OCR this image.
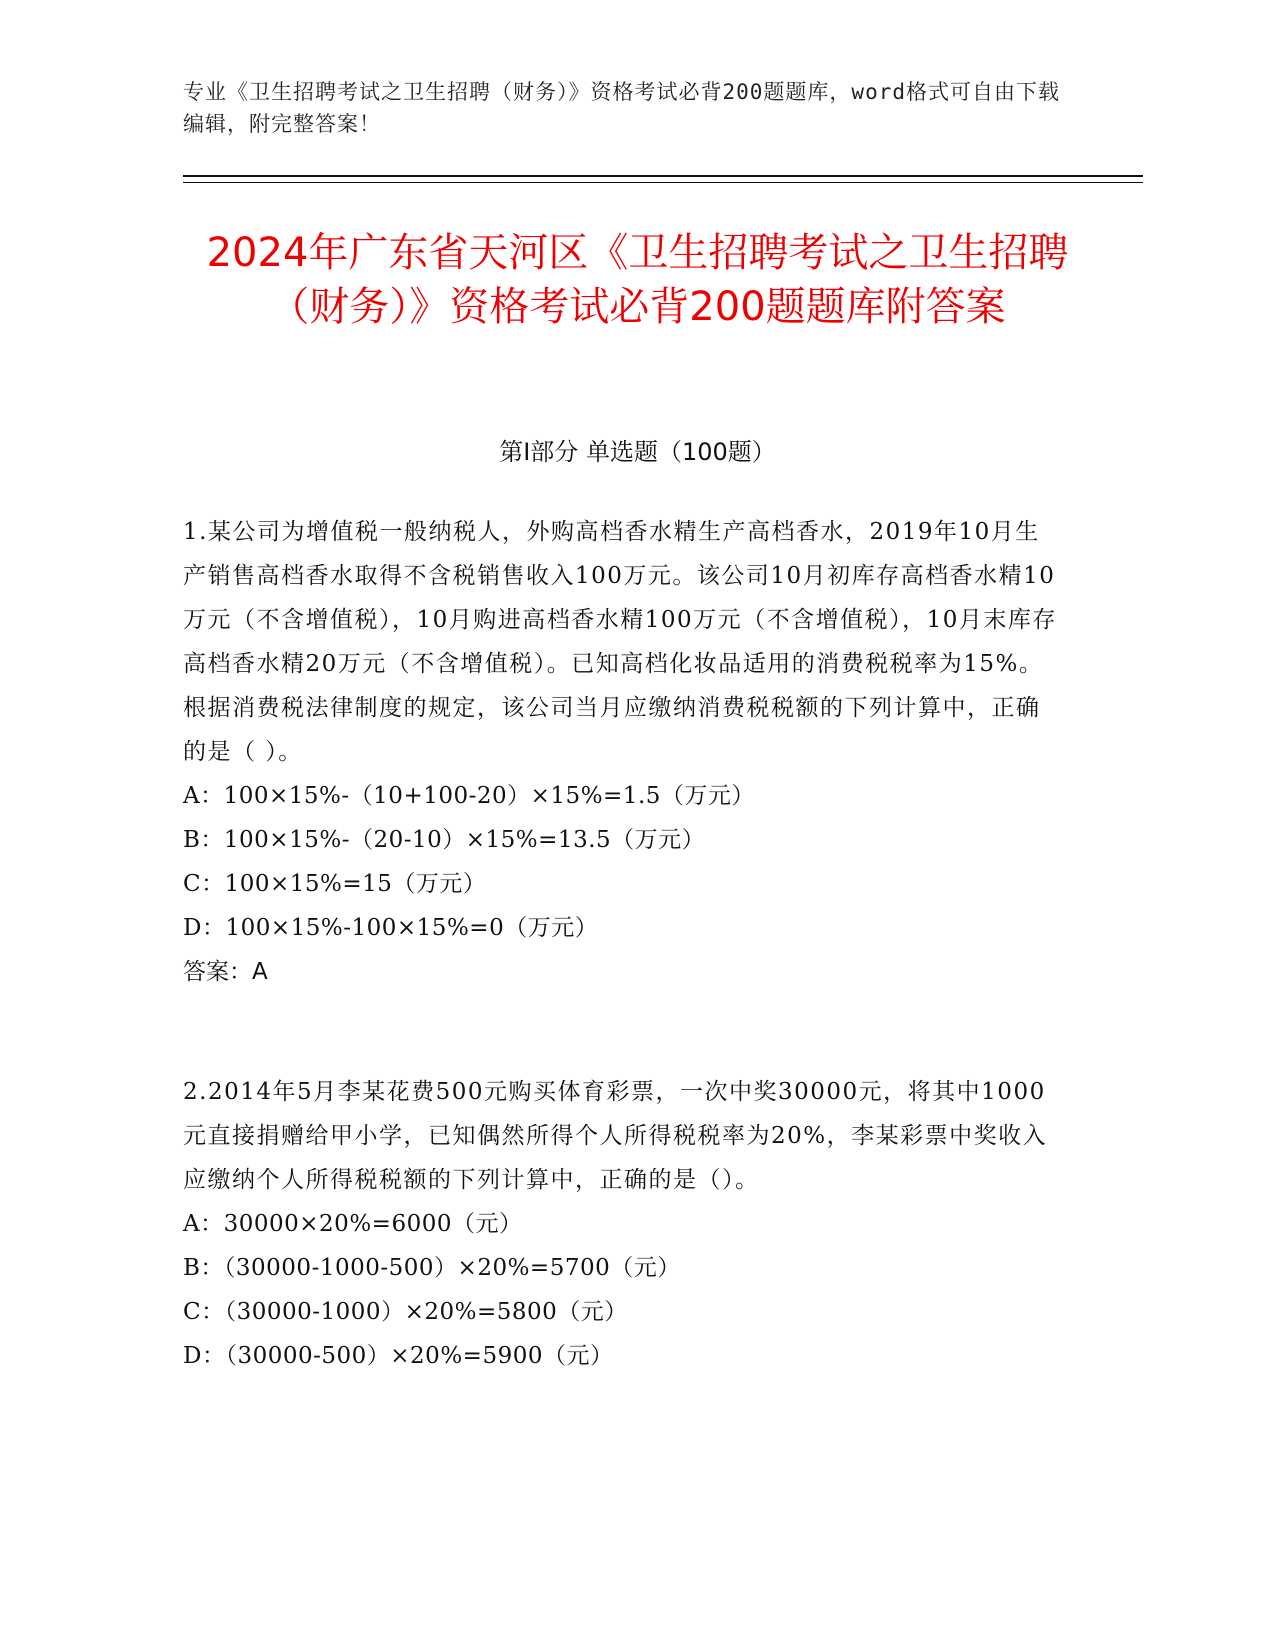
专业《卫生招聘考试之卫生招聘（财务）》资格考试必背200题题库，word格式可自由下载编辑，附完整答案！
2024年广东省天河区《卫生招聘考试之卫生招聘（财务）》资格考试必背200题题库附答案
第Ⅰ部分 单选题（100题）

1.某公司为增值税一般纳税人，外购高档香水精生产高档香水，2019年10月生产销售高档香水取得不含税销售收入100万元。该公司10月初库存高档香水精10万元（不含增值税），10月购进高档香水精100万元（不含增值税），10月末库存高档香水精20万元（不含增值税）。已知高档化妆品适用的消费税税率为15%。根据消费税法律制度的规定，该公司当月应缴纳消费税税额的下列计算中，正确的是（ ）。

A：100×15%-（10+100-20）×15%=1.5（万元）

B：100×15%-（20-10）×15%=13.5（万元）

C：100×15%=15（万元）

D：100×15%-100×15%=0（万元）

答案：A

2.2014年5月李某花费500元购买体育彩票，一次中奖30000元，将其中1000元直接捐赠给甲小学，已知偶然所得个人所得税税率为20%，李某彩票中奖收入应缴纳个人所得税税额的下列计算中，正确的是（）。

A：30000×20%=6000（元）

B：（30000-1000-500）×20%=5700（元）

C：（30000-1000）×20%=5800（元）

D：（30000-500）×20%=5900（元）
